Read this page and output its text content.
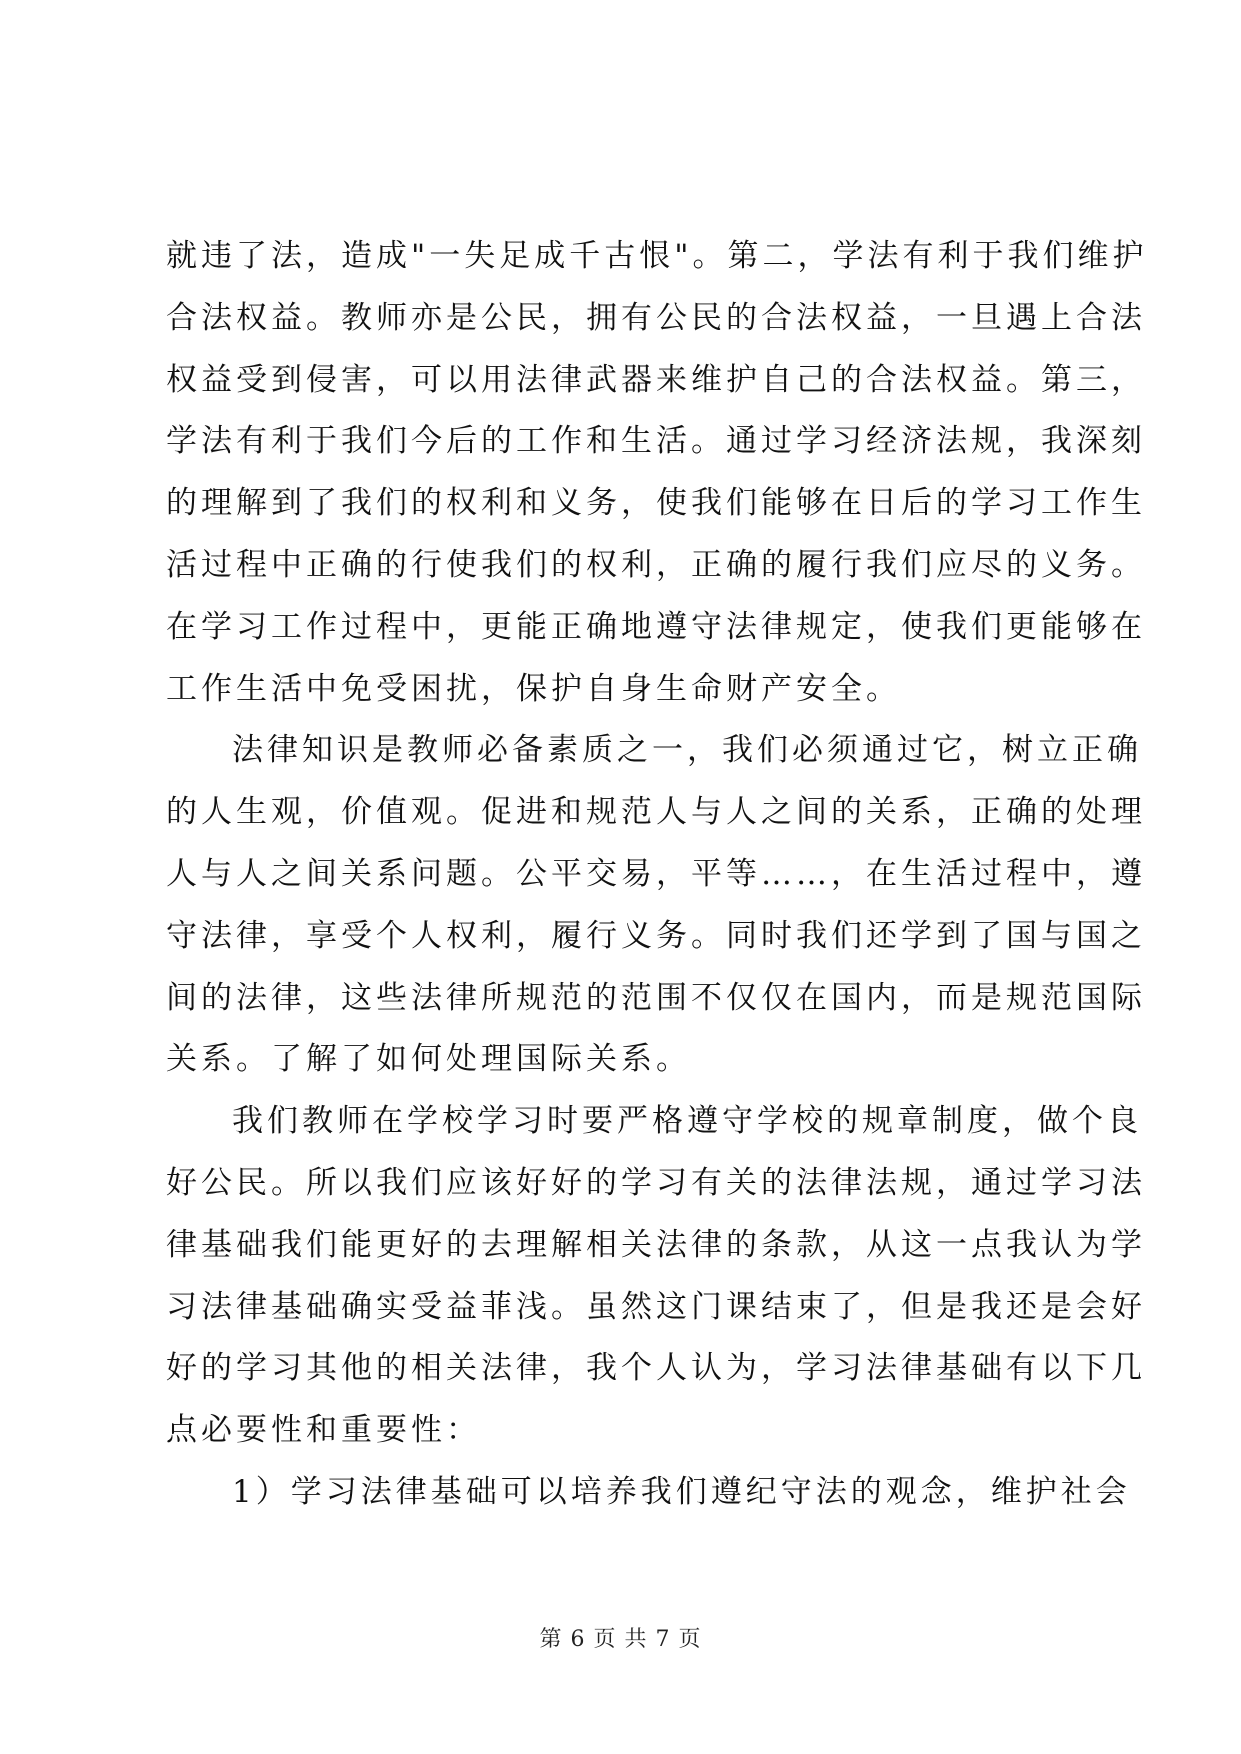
就违了法，造成"一失足成千古恨"。第二，学法有利于我们维护
合法权益。教师亦是公民，拥有公民的合法权益，一旦遇上合法
权益受到侵害，可以用法律武器来维护自己的合法权益。第三，
学法有利于我们今后的工作和生活。通过学习经济法规，我深刻
的理解到了我们的权利和义务，使我们能够在日后的学习工作生
活过程中正确的行使我们的权利，正确的履行我们应尽的义务。
在学习工作过程中，更能正确地遵守法律规定，使我们更能够在
工作生活中免受困扰，保护自身生命财产安全。
法律知识是教师必备素质之一，我们必须通过它，树立正确
的人生观，价值观。促进和规范人与人之间的关系，正确的处理
人与人之间关系问题。公平交易，平等……，在生活过程中，遵
守法律，享受个人权利，履行义务。同时我们还学到了国与国之
间的法律，这些法律所规范的范围不仅仅在国内，而是规范国际
关系。了解了如何处理国际关系。
我们教师在学校学习时要严格遵守学校的规章制度，做个良
好公民。所以我们应该好好的学习有关的法律法规，通过学习法
律基础我们能更好的去理解相关法律的条款，从这一点我认为学
习法律基础确实受益菲浅。虽然这门课结束了，但是我还是会好
好的学习其他的相关法律，我个人认为，学习法律基础有以下几
点必要性和重要性：
1）学习法律基础可以培养我们遵纪守法的观念，维护社会
第 6 页 共 7 页
